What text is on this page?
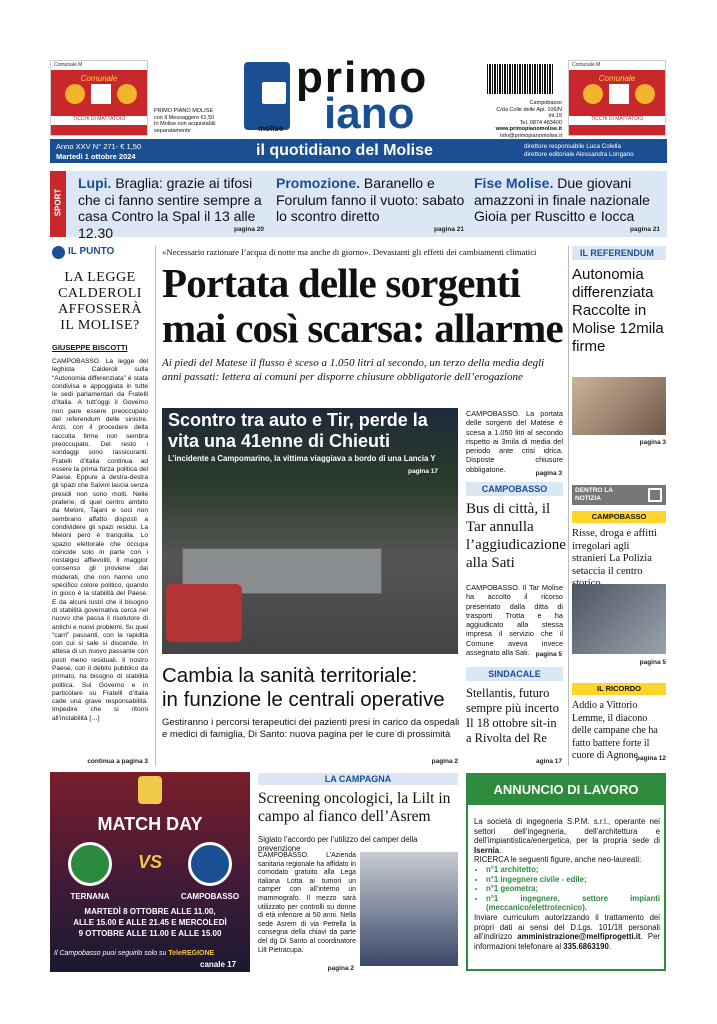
Comunale.M
Comunale
TICCHI DI MATTATOIO
Comunale.M
Comunale
TICCHI DI MATTATOIO
primo
iano
molise
PRIMO PIANO MOLISE
con Il Messaggero €1,50
In Molise non acquistabili
separatamente
Campobasso
C/da Colle delle Api, 106/N int.19
Tel. 0874 483400
www.primopianomolise.it
info@primopianomolise.it
Anno XXV N° 271- € 1,50
Martedì 1 ottobre 2024	il quotidiano del Molise	direttore responsabile Luca Colella
direttore editoriale Alessandra Longano
SPORT
Lupi. Braglia: grazie ai tifosi che ci fanno sentire sempre a casa Contro la Spal il 13 alle 12.30	pagina 20
Promozione. Baranello e Forulum fanno il vuoto: sabato lo scontro diretto
pagina 21
Fise Molise. Due giovani amazzoni in finale nazionale Gioia per Ruscitto e Iocca
pagina 21
IL PUNTO
LA LEGGE CALDEROLI AFFOSSERÀ IL MOLISE?
GIUSEPPE BISCOTTI
CAMPOBASSO. La legge del leghista Calderoli sulla “Autonomia differenziata” è stata condivisa e appoggiata in tutte le sedi parlamentari da Fratelli d’Italia. A tutt’oggi il Governo non pare essere preoccupato del referendum delle sinistre. Anzi, con il procedere della raccolta firme non sembra preoccupato. Del resto i sondaggi sono rassicuranti. Fratelli d’Italia continua ad essere la prima forza politica del Paese. Eppure a destra-destra gli spazi che Salvini lascia senza presidi non sono molti. Nelle praterie, di quel centro ambito da Meloni, Tajani e soci non sembrano affatto disposti a condividere gli spazi residui. La Meloni però è tranquilla. Lo spazio elettorale che occupa coincide solo in parte con i nostalgici affievoliti. Il maggior consenso gli proviene dai moderati, che non hanno uno specifico colore politico, quando in gioco è la stabilità del Paese. E da alcuni lustri che il bisogno di stabilità governativa cerca nel nuovo che passa il risolutore di antichi e nuovi problemi. Su quei “carri” passanti, con la rapidità con cui si sale si discende. In attesa di un nuovo passante con posti meno residuali. Il nostro Paese, con il debito pubblico da primato, ha bisogno di stabilità politica. Sul Governo e in particolare su Fratelli d’Italia cade una grave responsabilità. Impedire che si ritorni all’instabilità […]
continua a pagina 3
«Necessario razionare l’acqua di notte ma anche di giorno». Devastanti gli effetti dei cambiamenti climatici
Portata delle sorgenti
mai così scarsa: allarme
Ai piedi del Matese il flusso è sceso a 1.050 litri al secondo, un terzo della media degli anni passati: lettera ai comuni per disporre chiusure obbligatorie dell’erogazione
CAMPOBASSO. La portata delle sorgenti del Matese è scesa a 1.050 litri al secondo rispetto ai 3mila di media del periodo ante crisi idrica. Disposte chiusure obbligatorie.	pagina 3
Scontro tra auto e Tir, perde la vita una 41enne di Chieuti
L’incidente a Campomarino, la vittima viaggiava a bordo di una Lancia Y
pagina 17
CAMPOBASSO
Bus di città, il Tar annulla l’aggiudicazione alla Sati
CAMPOBASSO. Il Tar Molise ha accolto il ricorso presentato dalla ditta di trasporti Trotta e ha aggiudicato alla stessa impresa il servizio che il Comune aveva invece assegnato alla Sati. pagina 5
Cambia la sanità territoriale:
in funzione le centrali operative
Gestiranno i percorsi terapeutici dei pazienti presi in carico da ospedali e medici di famiglia, Di Santo: nuova pagina per le cure di prossimità
pagina 2
SINDACALE
Stellantis, futuro sempre più incerto Il 18 ottobre sit-in a Rivolta del Re
agina 17
IL REFERENDUM
Autonomia differenziata Raccolte in Molise 12mila firme
pagina 3
DENTRO LA NOTIZIA
CAMPOBASSO
Risse, droga e affitti irregolari agli stranieri La Polizia setaccia il centro
pagina 5
IL RICORDO
Addio a Vittorio Lemme, il diacono delle campane che ha fatto battere forte il cuore di Agnone
pagina 12
MATCH DAY
VS
TERNANA	CAMPOBASSO
MARTEDÌ 8 OTTOBRE ALLE 11.00,
ALLE 15.00 E ALLE 21.45 E MERCOLEDÌ
9 OTTOBRE ALLE 11.00 E ALLE 15.00
Il Campobasso puoi seguirlo solo su TeleREGIONE
canale 17
LA CAMPAGNA
Screening oncologici, la Lilt in campo al fianco dell’Asrem
Siglato l’accordo per l’utilizzo del camper della prevenzione
CAMPOBASSO. L’Azienda sanitaria regionale ha affidato in comodato gratuito alla Lega italiana Lotta ai tumori un camper con all’interno un mammografo. Il mezzo sarà utilizzato per controlli su donne di età inferiore ai 50 anni. Nella sede Asrem di via Petrella la consegna della chiavi da parte del dg Di Santo al coordinatore Lilt Pietracupa.
pagina 2
ANNUNCIO DI LAVORO
La società di ingegneria S.P.M. s.r.l., operante nei settori dell’ingegneria, dell’architettura e dell’impiantistica/energetica, per la propria sede di Isernia.
RICERCA le seguenti figure, anche neo-laureati:
• n°1 architetto;
• n°1 ingegnere civile - edile;
• n°1 geometra;
• n°1 ingegnere, settore impianti (meccanico/elettrotecnico).
Inviare curriculum autorizzando il trattamento dei propri dati ai sensi del D.Lgs. 101/18 personali all’indirizzo amministrazione@melfiprogetti.it. Per informazioni telefonare al 335.6863190.
